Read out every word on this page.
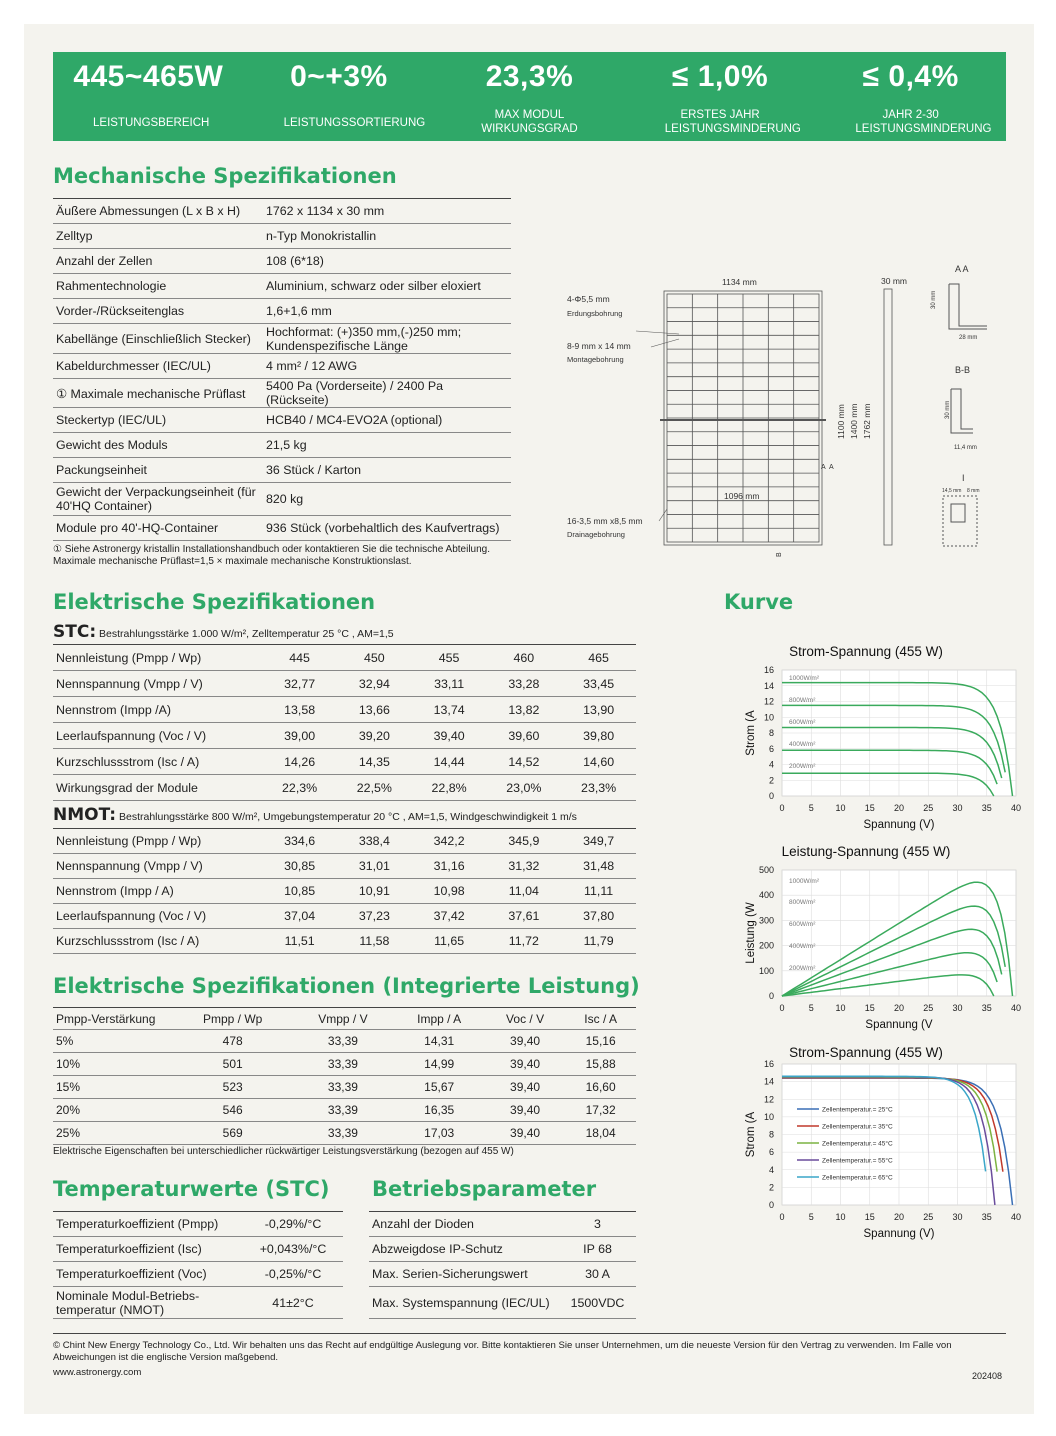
445~465W
LEISTUNGSBEREICH
0~+3%
LEISTUNGSSORTIERUNG
23,3%
MAX MODUL WIRKUNGSGRAD
≤ 1,0%
ERSTES JAHR LEISTUNGSMINDERUNG
≤ 0,4%
JAHR 2-30 LEISTUNGSMINDERUNG
Mechanische Spezifikationen
Äußere Abmessungen (L x B x H)	1762 x 1134 x 30 mm
Zelltyp	n-Typ Monokristallin
Anzahl der Zellen	108 (6*18)
Rahmentechnologie	Aluminium, schwarz oder silber eloxiert
Vorder-/Rückseitenglas	1,6+1,6 mm
Kabellänge (Einschließlich Stecker)	Hochformat: (+)350 mm,(-)250 mm; Kundenspezifische Länge
Kabeldurchmesser (IEC/UL)	4 mm² / 12 AWG
① Maximale mechanische Prüflast	5400 Pa (Vorderseite) / 2400 Pa (Rückseite)
Steckertyp (IEC/UL)	HCB40 / MC4-EVO2A (optional)
Gewicht des Moduls	21,5 kg
Packungseinheit	36 Stück / Karton
Gewicht der Verpackungseinheit (für 40'HQ Container)	820 kg
Module pro 40'-HQ-Container	936 Stück (vorbehaltlich des Kaufvertrags)
① Siehe Astronergy kristallin Installationshandbuch oder kontaktieren Sie die technische Abteilung.
Maximale mechanische Prüflast=1,5 × maximale mechanische Konstruktionslast.
1134 mm	30 mm
1100 mm 1400 mm 1762 mm
1096 mm
4-Φ5,5 mm
Erdungsbohrung
8-9 mm x 14 mm
Montagebohrung
16-3,5 mm x8,5 mm
Drainagebohrung
A A
30 mm
28 mm
B-B
30 mm
11,4 mm
I
14,5 mm 8 mm
A A
B
Elektrische Spezifikationen
STC: Bestrahlungsstärke 1.000 W/m², Zelltemperatur 25 °C , AM=1,5
Nennleistung (Pmpp / Wp)	445	450	455	460	465
Nennspannung (Vmpp / V)	32,77	32,94	33,11	33,28	33,45
Nennstrom (Impp /A)	13,58	13,66	13,74	13,82	13,90
Leerlaufspannung (Voc / V)	39,00	39,20	39,40	39,60	39,80
Kurzschlussstrom (Isc / A)	14,26	14,35	14,44	14,52	14,60
Wirkungsgrad der Module	22,3%	22,5%	22,8%	23,0%	23,3%
NMOT: Bestrahlungsstärke 800 W/m², Umgebungstemperatur 20 °C , AM=1,5, Windgeschwindigkeit 1 m/s
Nennleistung (Pmpp / Wp)	334,6	338,4	342,2	345,9	349,7
Nennspannung (Vmpp / V)	30,85	31,01	31,16	31,32	31,48
Nennstrom (Impp / A)	10,85	10,91	10,98	11,04	11,11
Leerlaufspannung (Voc / V)	37,04	37,23	37,42	37,61	37,80
Kurzschlussstrom (Isc / A)	11,51	11,58	11,65	11,72	11,79
Elektrische Spezifikationen (Integrierte Leistung)
Pmpp-Verstärkung	Pmpp / Wp	Vmpp / V	Impp / A	Voc / V	Isc / A
5%	478	33,39	14,31	39,40	15,16
10%	501	33,39	14,99	39,40	15,88
15%	523	33,39	15,67	39,40	16,60
20%	546	33,39	16,35	39,40	17,32
25%	569	33,39	17,03	39,40	18,04
Elektrische Eigenschaften bei unterschiedlicher rückwärtiger Leistungsverstärkung (bezogen auf 455 W)
Temperaturwerte (STC)
Temperaturkoeffizient (Pmpp)	-0,29%/°C
Temperaturkoeffizient (Isc)	+0,043%/°C
Temperaturkoeffizient (Voc)	-0,25%/°C
Nominale Modul-Betriebs-temperatur (NMOT)	41±2°C
Betriebsparameter
Anzahl der Dioden	3
Abzweigdose IP-Schutz	IP 68
Max. Serien-Sicherungswert	30 A
Max. Systemspannung (IEC/UL)	1500VDC
Kurve
Strom-Spannung (455 W)
0	5 10 15 20 25 30 35 40
0
2
4
6
8
10
12
14
16
Spannung (V)
Strom (A
1000W/m²
800W/m²
600W/m²
400W/m²
200W/m²
Leistung-Spannung (455 W)
0	5 10 15 20 25 30 35 40
0
100
200
300
400
500
Spannung (V
Leistung (W
1000W/m²
800W/m²
600W/m²
400W/m²
200W/m²
Strom-Spannung (455 W)
0	5 10 15 20 25 30 35 40
0
2
4
6
8
10
12
14
16
Spannung (V)
Strom (A
Zellentemperatur.= 25°C
Zellentemperatur.= 35°C
Zellentemperatur.= 45°C
Zellentemperatur.= 55°C
Zellentemperatur.= 65°C
© Chint New Energy Technology Co., Ltd. Wir behalten uns das Recht auf endgültige Auslegung vor. Bitte kontaktieren Sie unser Unternehmen, um die neueste Version für den Vertrag zu verwenden. Im Falle von Abweichungen ist die englische Version maßgebend.
www.astronergy.com	202408
